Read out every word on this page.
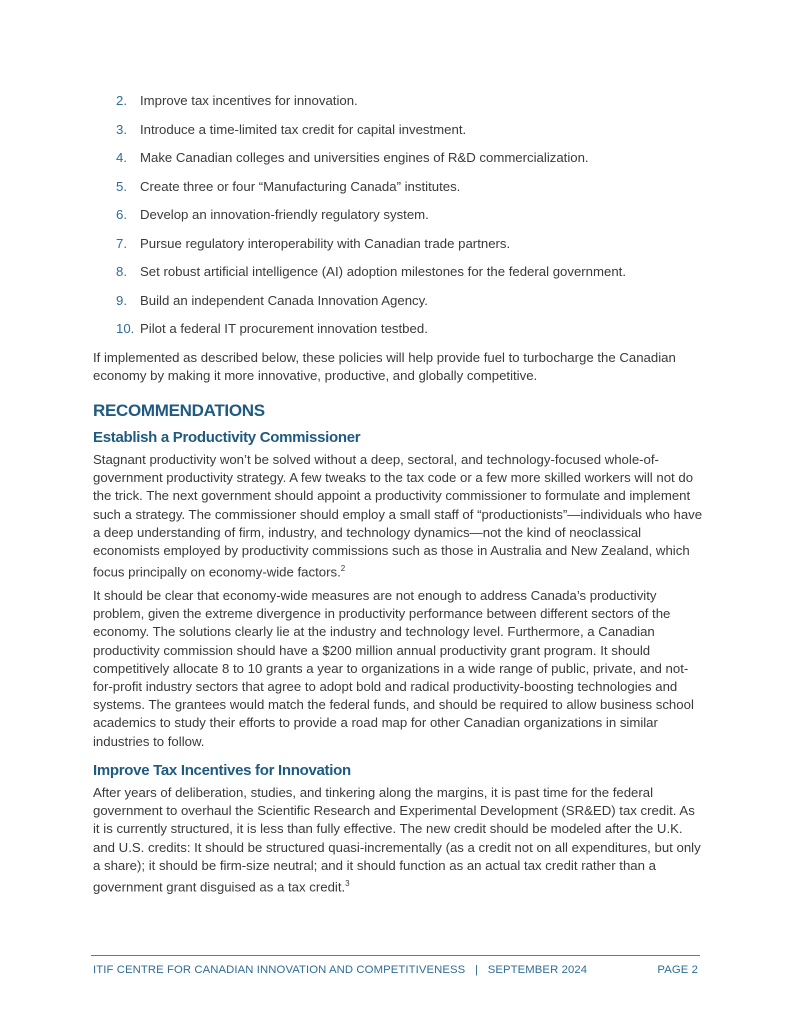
2. Improve tax incentives for innovation.
3. Introduce a time-limited tax credit for capital investment.
4. Make Canadian colleges and universities engines of R&D commercialization.
5. Create three or four “Manufacturing Canada” institutes.
6. Develop an innovation-friendly regulatory system.
7. Pursue regulatory interoperability with Canadian trade partners.
8. Set robust artificial intelligence (AI) adoption milestones for the federal government.
9. Build an independent Canada Innovation Agency.
10. Pilot a federal IT procurement innovation testbed.

If implemented as described below, these policies will help provide fuel to turbocharge the Canadian economy by making it more innovative, productive, and globally competitive.

RECOMMENDATIONS
Establish a Productivity Commissioner

Stagnant productivity won’t be solved without a deep, sectoral, and technology-focused whole-of-government productivity strategy. A few tweaks to the tax code or a few more skilled workers will not do the trick. The next government should appoint a productivity commissioner to formulate and implement such a strategy. The commissioner should employ a small staff of “productionists”—individuals who have a deep understanding of firm, industry, and technology dynamics—not the kind of neoclassical economists employed by productivity commissions such as those in Australia and New Zealand, which focus principally on economy-wide factors.$^2$

It should be clear that economy-wide measures are not enough to address Canada’s productivity problem, given the extreme divergence in productivity performance between different sectors of the economy. The solutions clearly lie at the industry and technology level. Furthermore, a Canadian productivity commission should have a $200 million annual productivity grant program. It should competitively allocate 8 to 10 grants a year to organizations in a wide range of public, private, and not-for-profit industry sectors that agree to adopt bold and radical productivity-boosting technologies and systems. The grantees would match the federal funds, and should be required to allow business school academics to study their efforts to provide a road map for other Canadian organizations in similar industries to follow.

Improve Tax Incentives for Innovation

After years of deliberation, studies, and tinkering along the margins, it is past time for the federal government to overhaul the Scientific Research and Experimental Development (SR&ED) tax credit. As it is currently structured, it is less than fully effective. The new credit should be modeled after the U.K. and U.S. credits: It should be structured quasi-incrementally (as a credit not on all expenditures, but only a share); it should be firm-size neutral; and it should function as an actual tax credit rather than a government grant disguised as a tax credit.$^3$

ITIF CENTRE FOR CANADIAN INNOVATION AND COMPETITIVENESS | SEPTEMBER 2024	PAGE 2
